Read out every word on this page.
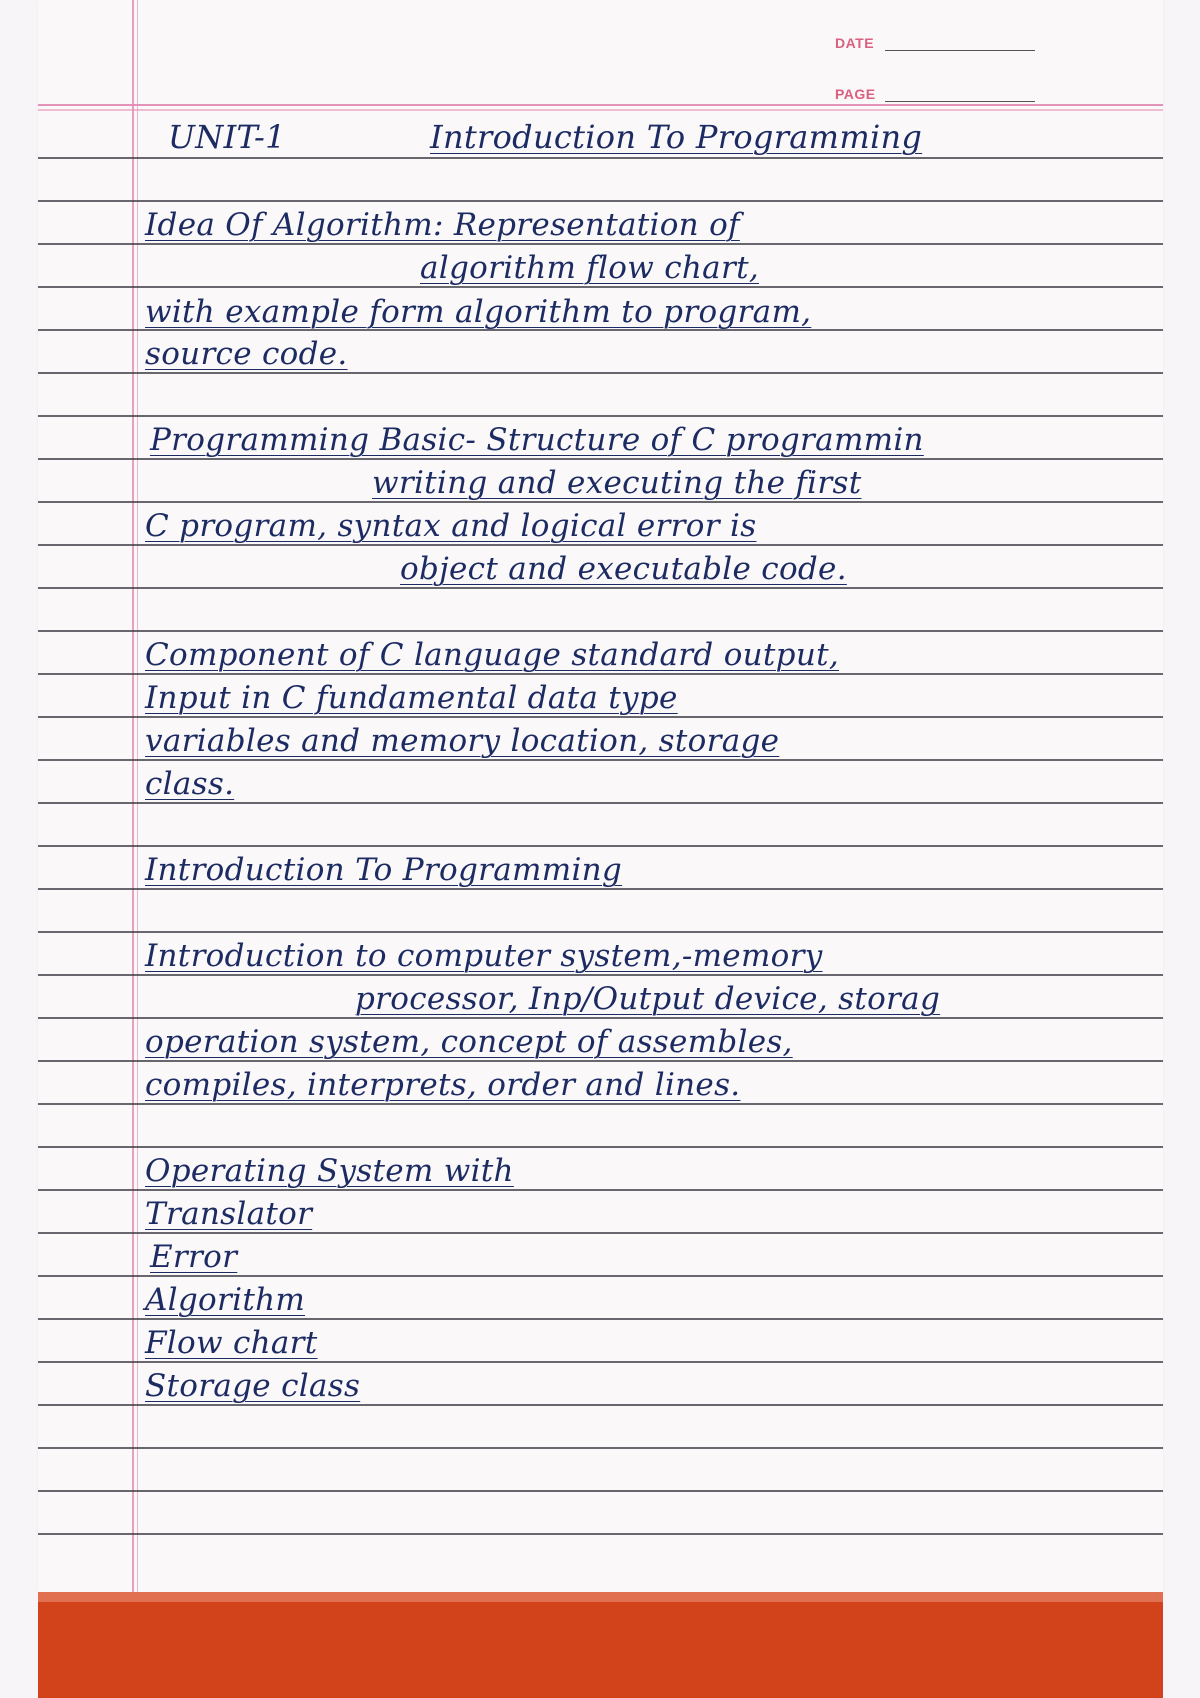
DATE
PAGE
UNIT-1	Introduction To Programming
Idea Of Algorithm: Representation of
algorithm flow chart,
with example form algorithm to program,
source code.
Programming Basic- Structure of C programmin
writing and executing the first
C program, syntax and logical error is
object and executable code.
Component of C language standard output,
Input in C fundamental data type
variables and memory location, storage
class.
Introduction To Programming
Introduction to computer system,-memory
processor, Inp/Output device, storag
operation system, concept of assembles,
compiles, interprets, order and lines.
Operating System with
Translator
Error
Algorithm
Flow chart
Storage class
